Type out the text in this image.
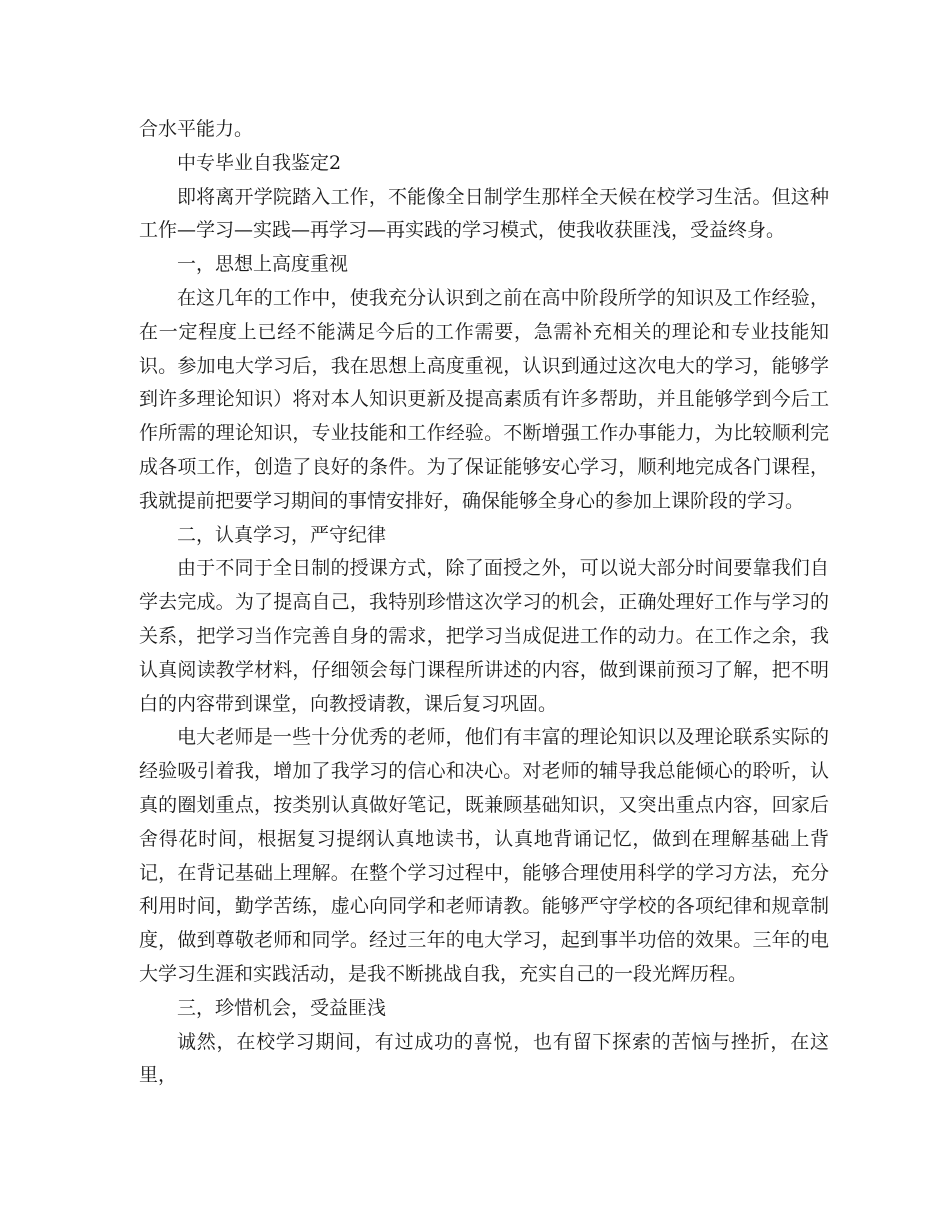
合水平能力。

中专毕业自我鉴定2

即将离开学院踏入工作，不能像全日制学生那样全天候在校学习生活。但这种工作—学习—实践—再学习—再实践的学习模式，使我收获匪浅，受益终身。

一，思想上高度重视

在这几年的工作中，使我充分认识到之前在高中阶段所学的知识及工作经验，在一定程度上已经不能满足今后的工作需要，急需补充相关的理论和专业技能知识。参加电大学习后，我在思想上高度重视，认识到通过这次电大的学习，能够学到许多理论知识）将对本人知识更新及提高素质有许多帮助，并且能够学到今后工作所需的理论知识，专业技能和工作经验。不断增强工作办事能力，为比较顺利完成各项工作，创造了良好的条件。为了保证能够安心学习，顺利地完成各门课程，我就提前把要学习期间的事情安排好，确保能够全身心的参加上课阶段的学习。

二，认真学习，严守纪律

由于不同于全日制的授课方式，除了面授之外，可以说大部分时间要靠我们自学去完成。为了提高自己，我特别珍惜这次学习的机会，正确处理好工作与学习的关系，把学习当作完善自身的需求，把学习当成促进工作的动力。在工作之余，我认真阅读教学材料，仔细领会每门课程所讲述的内容，做到课前预习了解，把不明白的内容带到课堂，向教授请教，课后复习巩固。

电大老师是一些十分优秀的老师，他们有丰富的理论知识以及理论联系实际的经验吸引着我，增加了我学习的信心和决心。对老师的辅导我总能倾心的聆听，认真的圈划重点，按类别认真做好笔记，既兼顾基础知识，又突出重点内容，回家后舍得花时间，根据复习提纲认真地读书，认真地背诵记忆，做到在理解基础上背记，在背记基础上理解。在整个学习过程中，能够合理使用科学的学习方法，充分利用时间，勤学苦练，虚心向同学和老师请教。能够严守学校的各项纪律和规章制度，做到尊敬老师和同学。经过三年的电大学习，起到事半功倍的效果。三年的电大学习生涯和实践活动，是我不断挑战自我，充实自己的一段光辉历程。

三，珍惜机会，受益匪浅

诚然，在校学习期间，有过成功的喜悦，也有留下探索的苦恼与挫折，在这里，
